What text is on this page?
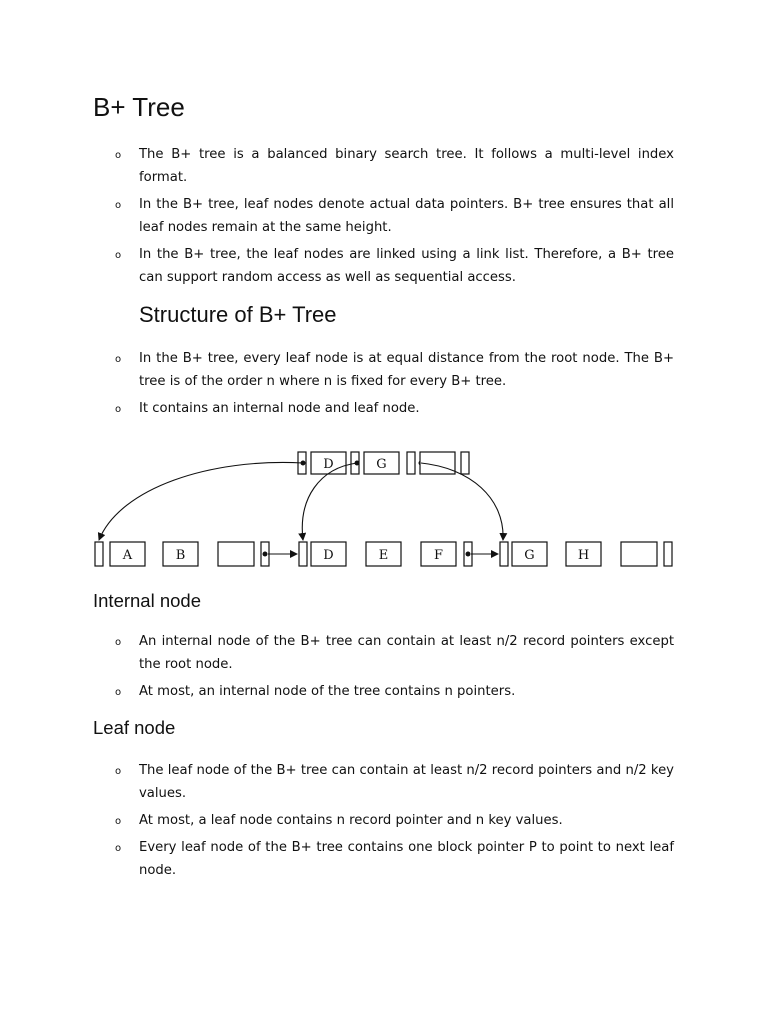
B+ Tree
o The B+ tree is a balanced binary search tree. It follows a multi-level index format.
o In the B+ tree, leaf nodes denote actual data pointers. B+ tree ensures that all leaf nodes remain at the same height.
o In the B+ tree, the leaf nodes are linked using a link list. Therefore, a B+ tree can support random access as well as sequential access.
Structure of B+ Tree
o In the B+ tree, every leaf node is at equal distance from the root node. The B+ tree is of the order n where n is fixed for every B+ tree.
o It contains an internal node and leaf node.
D	G
A	B	D	E	F	G	H
Internal node
o An internal node of the B+ tree can contain at least n/2 record pointers except the root node.
o At most, an internal node of the tree contains n pointers.
Leaf node
o The leaf node of the B+ tree can contain at least n/2 record pointers and n/2 key values.
o At most, a leaf node contains n record pointer and n key values.
o Every leaf node of the B+ tree contains one block pointer P to point to next leaf node.
